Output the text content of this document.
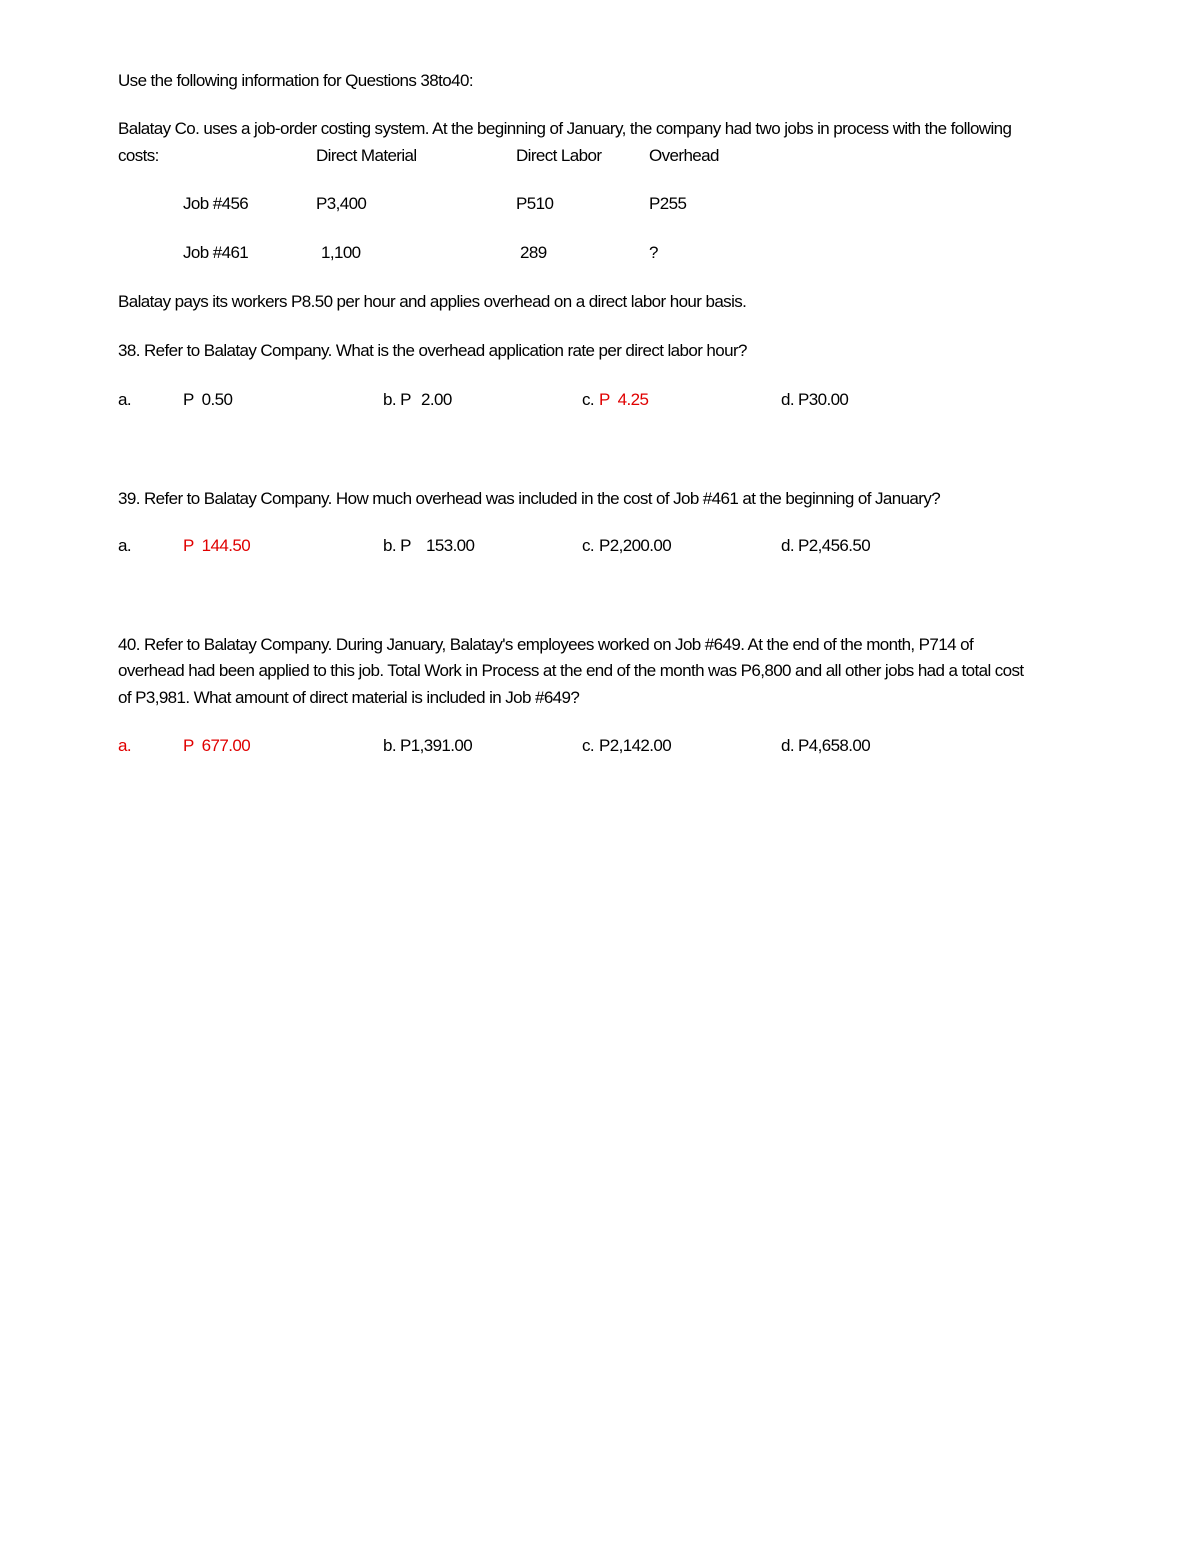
Use the following information for Questions 38to40:
Balatay Co. uses a job-order costing system. At the beginning of January, the company had two jobs in process with the following
costs:	Direct Material	Direct Labor	Overhead
Job #456	P3,400	P510	P255
Job #461	1,100	289	?
Balatay pays its workers P8.50 per hour and applies overhead on a direct labor hour basis.
38. Refer to Balatay Company. What is the overhead application rate per direct labor hour?
a.	P  0.50	b. P 2.00	c. P  4.25	d. P30.00
39. Refer to Balatay Company. How much overhead was included in the cost of Job #461 at the beginning of January?
a.	P  144.50	b. P 153.00	c. P2,200.00	d. P2,456.50
40. Refer to Balatay Company. During January, Balatay's employees worked on Job #649. At the end of the month, P714 of
overhead had been applied to this job. Total Work in Process at the end of the month was P6,800 and all other jobs had a total cost
of P3,981. What amount of direct material is included in Job #649?
a.	P  677.00	b. P1,391.00	c. P2,142.00	d. P4,658.00
